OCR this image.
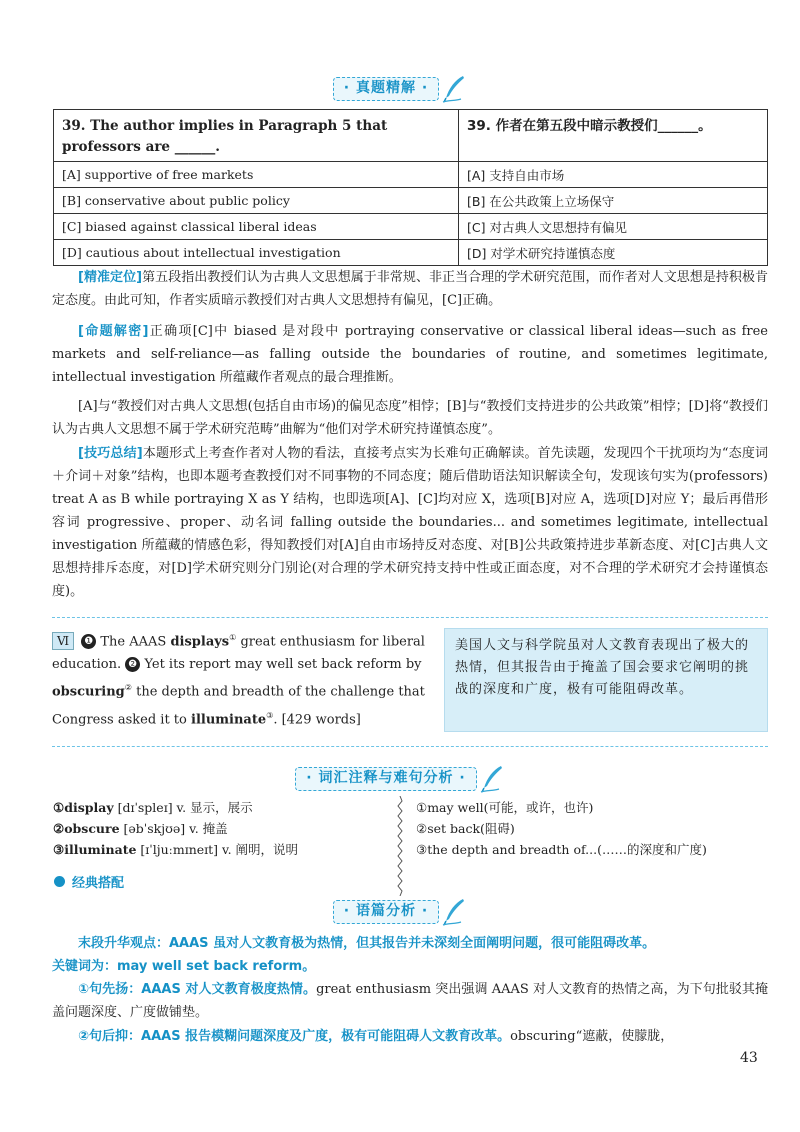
· 真题精解 ·
39. The author implies in Paragraph 5 that professors are ______.	39. 作者在第五段中暗示教授们______。
[A] supportive of free markets	[A] 支持自由市场
[B] conservative about public policy	[B] 在公共政策上立场保守
[C] biased against classical liberal ideas	[C] 对古典人文思想持有偏见
[D] cautious about intellectual investigation	[D] 对学术研究持谨慎态度
[精准定位]第五段指出教授们认为古典人文思想属于非常规、非正当合理的学术研究范围，而作者对人文思想是持积极肯定态度。由此可知，作者实质暗示教授们对古典人文思想持有偏见，[C]正确。
[命题解密]正确项[C]中 biased 是对段中 portraying conservative or classical liberal ideas—such as free markets and self-reliance—as falling outside the boundaries of routine, and sometimes legitimate, intellectual investigation 所蕴藏作者观点的最合理推断。
[A]与“教授们对古典人文思想(包括自由市场)的偏见态度”相悖；[B]与“教授们支持进步的公共政策”相悖；[D]将“教授们认为古典人文思想不属于学术研究范畴”曲解为“他们对学术研究持谨慎态度”。
[技巧总结]本题形式上考查作者对人物的看法，直接考点实为长难句正确解读。首先读题，发现四个干扰项均为“态度词＋介词＋对象”结构，也即本题考查教授们对不同事物的不同态度；随后借助语法知识解读全句，发现该句实为(professors) treat A as B while portraying X as Y 结构，也即选项[A]、[C]均对应 X，选项[B]对应 A，选项[D]对应 Y；最后再借形容词 progressive、proper、动名词 falling outside the boundaries... and sometimes legitimate, intellectual investigation 所蕴藏的情感色彩，得知教授们对[A]自由市场持反对态度、对[B]公共政策持进步革新态度、对[C]古典人文思想持排斥态度，对[D]学术研究则分门别论(对合理的学术研究持支持中性或正面态度，对不合理的学术研究才会持谨慎态度)。
Ⅵ ❶ The AAAS displays① great enthusiasm for liberal education. ❷ Yet its report may well set back reform by obscuring② the depth and breadth of the challenge that Congress asked it to illuminate③. [429 words]
美国人文与科学院虽对人文教育表现出了极大的热情，但其报告由于掩盖了国会要求它阐明的挑战的深度和广度，极有可能阻碍改革。
· 词汇注释与难句分析 ·
①display [dɪˈspleɪ] v. 显示，展示
②obscure [əbˈskjʊə] v. 掩盖
③illuminate [ɪˈljuːmɪneɪt] v. 阐明，说明
①may well(可能，或许，也许)
②set back(阻碍)
③the depth and breadth of...(……的深度和广度)
经典搭配
· 语篇分析 ·
末段升华观点：AAAS 虽对人文教育极为热情，但其报告并未深刻全面阐明问题，很可能阻碍改革。
关键词为：may well set back reform。
①句先扬：AAAS 对人文教育极度热情。great enthusiasm 突出强调 AAAS 对人文教育的热情之高，为下句批驳其掩盖问题深度、广度做铺垫。
②句后抑：AAAS 报告模糊问题深度及广度，极有可能阻碍人文教育改革。obscuring“遮蔽，使朦胧，
43
